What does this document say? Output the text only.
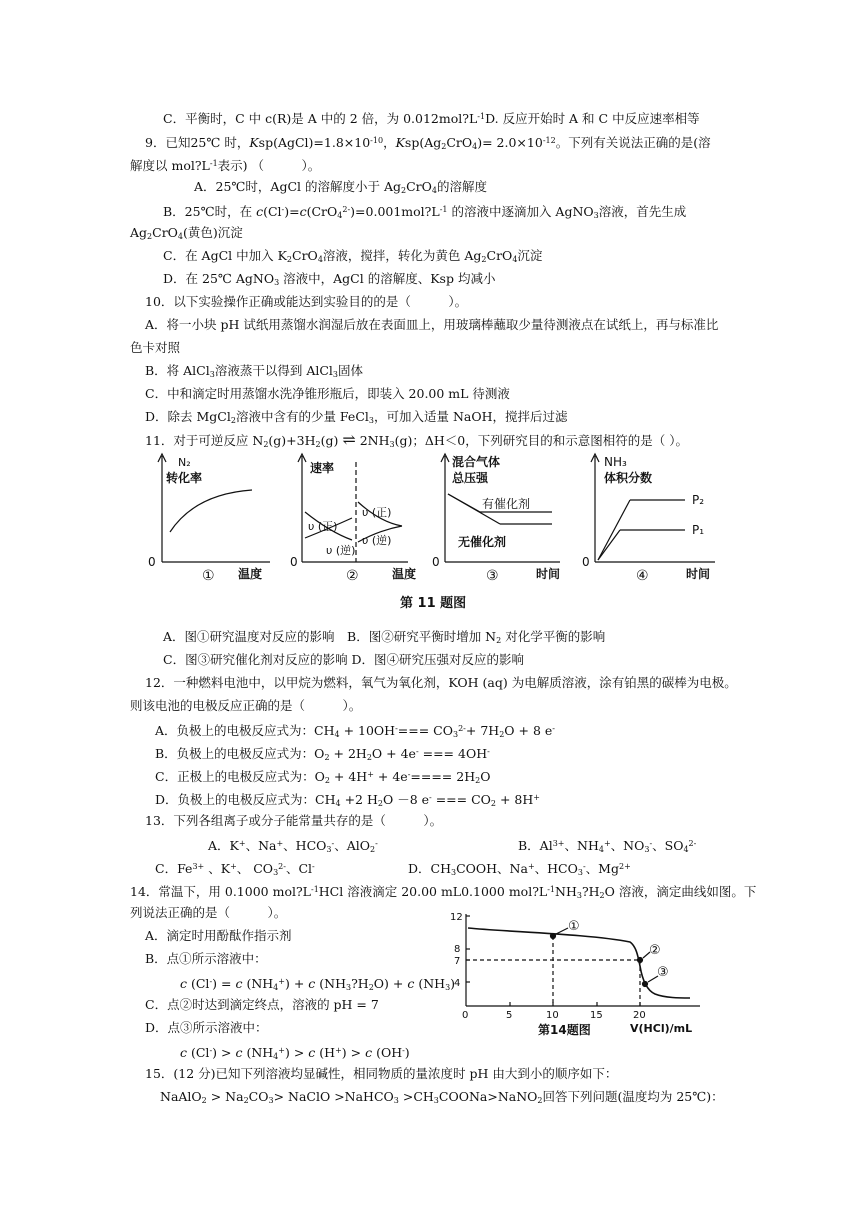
C．平衡时，C 中 c(R)是 A 中的 2 倍，为 $0.012mol?L^{-1}D$. 反应开始时 A 和 C 中反应速率相等
9．已知25℃ 时，$Ksp(AgCl)=1.8\times 10^{-10}$，$Ksp(Ag_2CrO_4)= 2.0\times 10^{-12}$。下列有关说法正确的是(溶
解度以 $mol?L^{-1}$表示) （　　　）。
A．25℃时，AgCl 的溶解度小于 $Ag_2CrO_4$的溶解度
B．25℃时，在 $c(Cl^-)=c(CrO_4^{2-})=0.001mol?L^{-1}$ 的溶液中逐滴加入 AgNO$_3$溶液，首先生成
$Ag_2CrO_4$(黄色)沉淀
C．在 AgCl 中加入 $K_2CrO_4$溶液，搅拌，转化为黄色 $Ag_2CrO_4$沉淀
D．在 25℃ AgNO$_3$ 溶液中，AgCl 的溶解度、Ksp 均减小
10．以下实验操作正确或能达到实验目的的是（　　　）。
A．将一小块 pH 试纸用蒸馏水润湿后放在表面皿上，用玻璃棒蘸取少量待测液点在试纸上，再与标准比
色卡对照
B．将 AlCl$_3$溶液蒸干以得到 AlCl$_3$固体
C．中和滴定时用蒸馏水洗净锥形瓶后，即装入 20.00 mL 待测液
D．除去 MgCl$_2$溶液中含有的少量 FeCl$_3$，可加入适量 NaOH，搅拌后过滤
11．对于可逆反应 $N_2(g)+3H_2(g)$ ⇌ $2NH_3(g)$；ΔH＜0，下列研究目的和示意图相符的是（ ）。
N₂
转化率
0
温度
①
速率
υ (正)
υ (逆)
υ (正)
υ (逆)
0
温度
②
混合气体
总压强
有催化剂
无催化剂
0
时间
③
NH₃
体积分数
P₂
P₁
0
时间
④
第 11 题图
A．图①研究温度对反应的影响　B．图②研究平衡时增加 $N_2$ 对化学平衡的影响
C．图③研究催化剂对反应的影响 D．图④研究压强对反应的影响
12．一种燃料电池中，以甲烷为燃料，氧气为氧化剂，KOH (aq) 为电解质溶液，涂有铂黑的碳棒为电极。
则该电池的电极反应正确的是（　　　）。
A．负极上的电极反应式为：$CH_4 + 10OH^-=== CO_3^{2-}+ 7H_2O + 8$ e-
B．负极上的电极反应式为：$O_2 + 2H_2O + 4e^-$ === 4OH-
C．正极上的电极反应式为：$O_2 + 4H^+ + 4e^-==== 2H_2O$
D．负极上的电极反应式为：$CH_4 +2$ $H_2O -8$ e- === $CO_2 + 8H^+$
13．下列各组离子或分子能常量共存的是（　　　）。
A．K+、Na+、$HCO_3^-$、AlO$_2$-	B．$Al^{3+}$、$NH_4^+$、$NO_3^-$、$SO_4^{2-}$
C．$Fe^{3+}$ 、K+、 $CO_3^{2-}$、Cl-	D．$CH_3COOH$、Na+、$HCO_3^-$、$Mg^{2+}$
14．常温下，用 0.1000 $mol?L^{-1}HCl$ 溶液滴定 20.00 mL0.1000 $mol?L^{-1}NH_3?H_2O$ 溶液，滴定曲线如图。下
列说法正确的是（　　　）。
A．滴定时用酚酞作指示剂
B．点①所示溶液中：
c (Cl-) = c $(NH_4^+) + c$ $(NH_3?H_2O) + c$ $(NH_3)$
C．点②时达到滴定终点，溶液的 pH = 7
D．点③所示溶液中：
c (Cl-) > c $(NH_4^+) > c$ (H+) > c (OH-)
15．(12 分)已知下列溶液均显碱性，相同物质的量浓度时 pH 由大到小的顺序如下：
NaAlO$_2$ > $Na_2CO_3>$ NaClO >NaHCO$_3$ $>CH_3COONa>NaNO_2$回答下列问题(温度均为 25℃)：
12
8
7
4
0	5	10	15	20
①
②
③
第14题图	V(HCl)/mL
